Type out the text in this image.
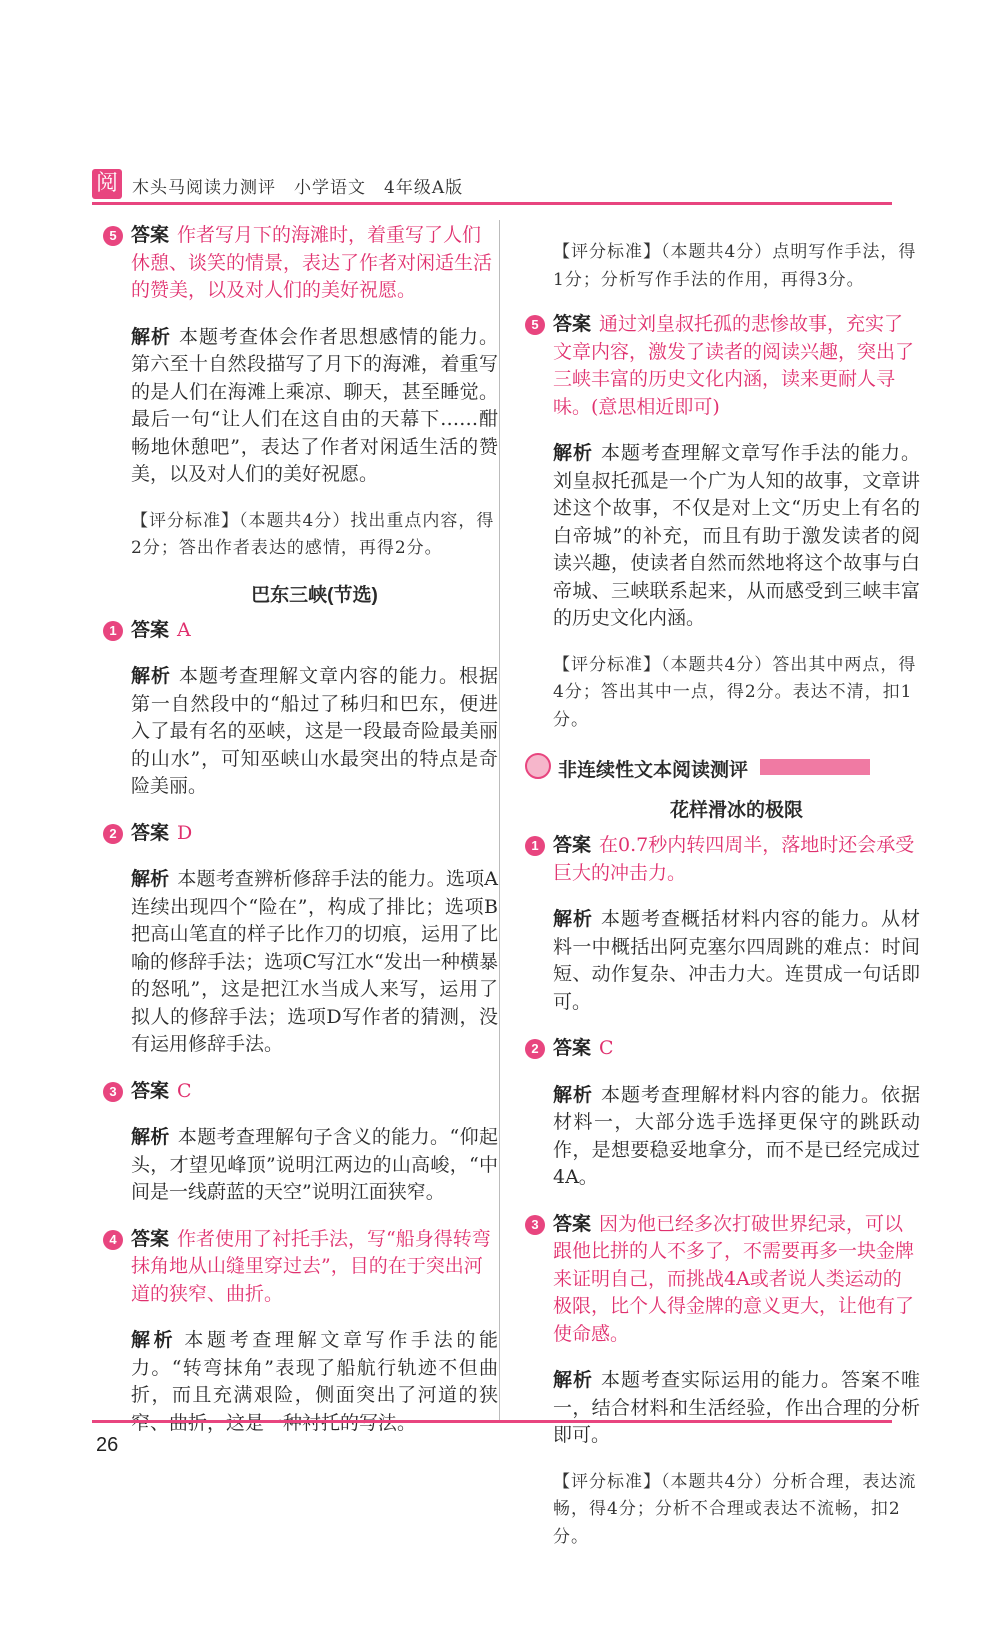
阅 木头马阅读力测评　小学语文　4年级A版

5 答案 作者写月下的海滩时，着重写了人们休憩、谈笑的情景，表达了作者对闲适生活的赞美，以及对人们的美好祝愿。

解析 本题考查体会作者思想感情的能力。第六至十自然段描写了月下的海滩，着重写的是人们在海滩上乘凉、聊天，甚至睡觉。最后一句“让人们在这自由的天幕下……酣畅地休憩吧”，表达了作者对闲适生活的赞美，以及对人们的美好祝愿。

【评分标准】（本题共4分）找出重点内容，得2分；答出作者表达的感情，再得2分。

巴东三峡(节选)

1 答案 A

解析 本题考查理解文章内容的能力。根据第一自然段中的“船过了秭归和巴东，便进入了最有名的巫峡，这是一段最奇险最美丽的山水”，可知巫峡山水最突出的特点是奇险美丽。

2 答案 D

解析 本题考查辨析修辞手法的能力。选项A连续出现四个“险在”，构成了排比；选项B把高山笔直的样子比作刀的切痕，运用了比喻的修辞手法；选项C写江水“发出一种横暴的怒吼”，这是把江水当成人来写，运用了拟人的修辞手法；选项D写作者的猜测，没有运用修辞手法。

3 答案 C

解析 本题考查理解句子含义的能力。“仰起头，才望见峰顶”说明江两边的山高峻，“中间是一线蔚蓝的天空”说明江面狭窄。

4 答案 作者使用了衬托手法，写“船身得转弯抹角地从山缝里穿过去”，目的在于突出河道的狭窄、曲折。

解析 本题考查理解文章写作手法的能力。“转弯抹角”表现了船航行轨迹不但曲折，而且充满艰险，侧面突出了河道的狭

【评分标准】（本题共4分）点明写作手法，得1分；分析写作手法的作用，再得3分。

5 答案 通过刘皇叔托孤的悲惨故事，充实了文章内容，激发了读者的阅读兴趣，突出了三峡丰富的历史文化内涵，读来更耐人寻味。(意思相近即可)

解析 本题考查理解文章写作手法的能力。刘皇叔托孤是一个广为人知的故事，文章讲述这个故事，不仅是对上文“历史上有名的白帝城”的补充，而且有助于激发读者的阅读兴趣，使读者自然而然地将这个故事与白帝城、三峡联系起来，从而感受到三峡丰富的历史文化内涵。

【评分标准】（本题共4分）答出其中两点，得4分；答出其中一点，得2分。表达不清，扣1分。

非连续性文本阅读测评
花样滑冰的极限

1 答案 在0.7秒内转四周半，落地时还会承受巨大的冲击力。

解析 本题考查概括材料内容的能力。从材料一中概括出阿克塞尔四周跳的难点：时间短、动作复杂、冲击力大。连贯成一句话即可。

2 答案 C

解析 本题考查理解材料内容的能力。依据材料一，大部分选手选择更保守的跳跃动作，是想要稳妥地拿分，而不是已经完成过4A。

3 答案 因为他已经多次打破世界纪录，可以跟他比拼的人不多了，不需要再多一块金牌来证明自己，而挑战4A或者说人类运动的极限，比个人得金牌的意义更大，让他有了使命感。

解析 本题考查实际运用的能力。答案不唯一，结合材料和生活经验，作出合理的分析即可。

【评分标准】（本题共4分）分析合理，表达流畅，得4分；分析不合理或表达不流畅，扣2分。

26
